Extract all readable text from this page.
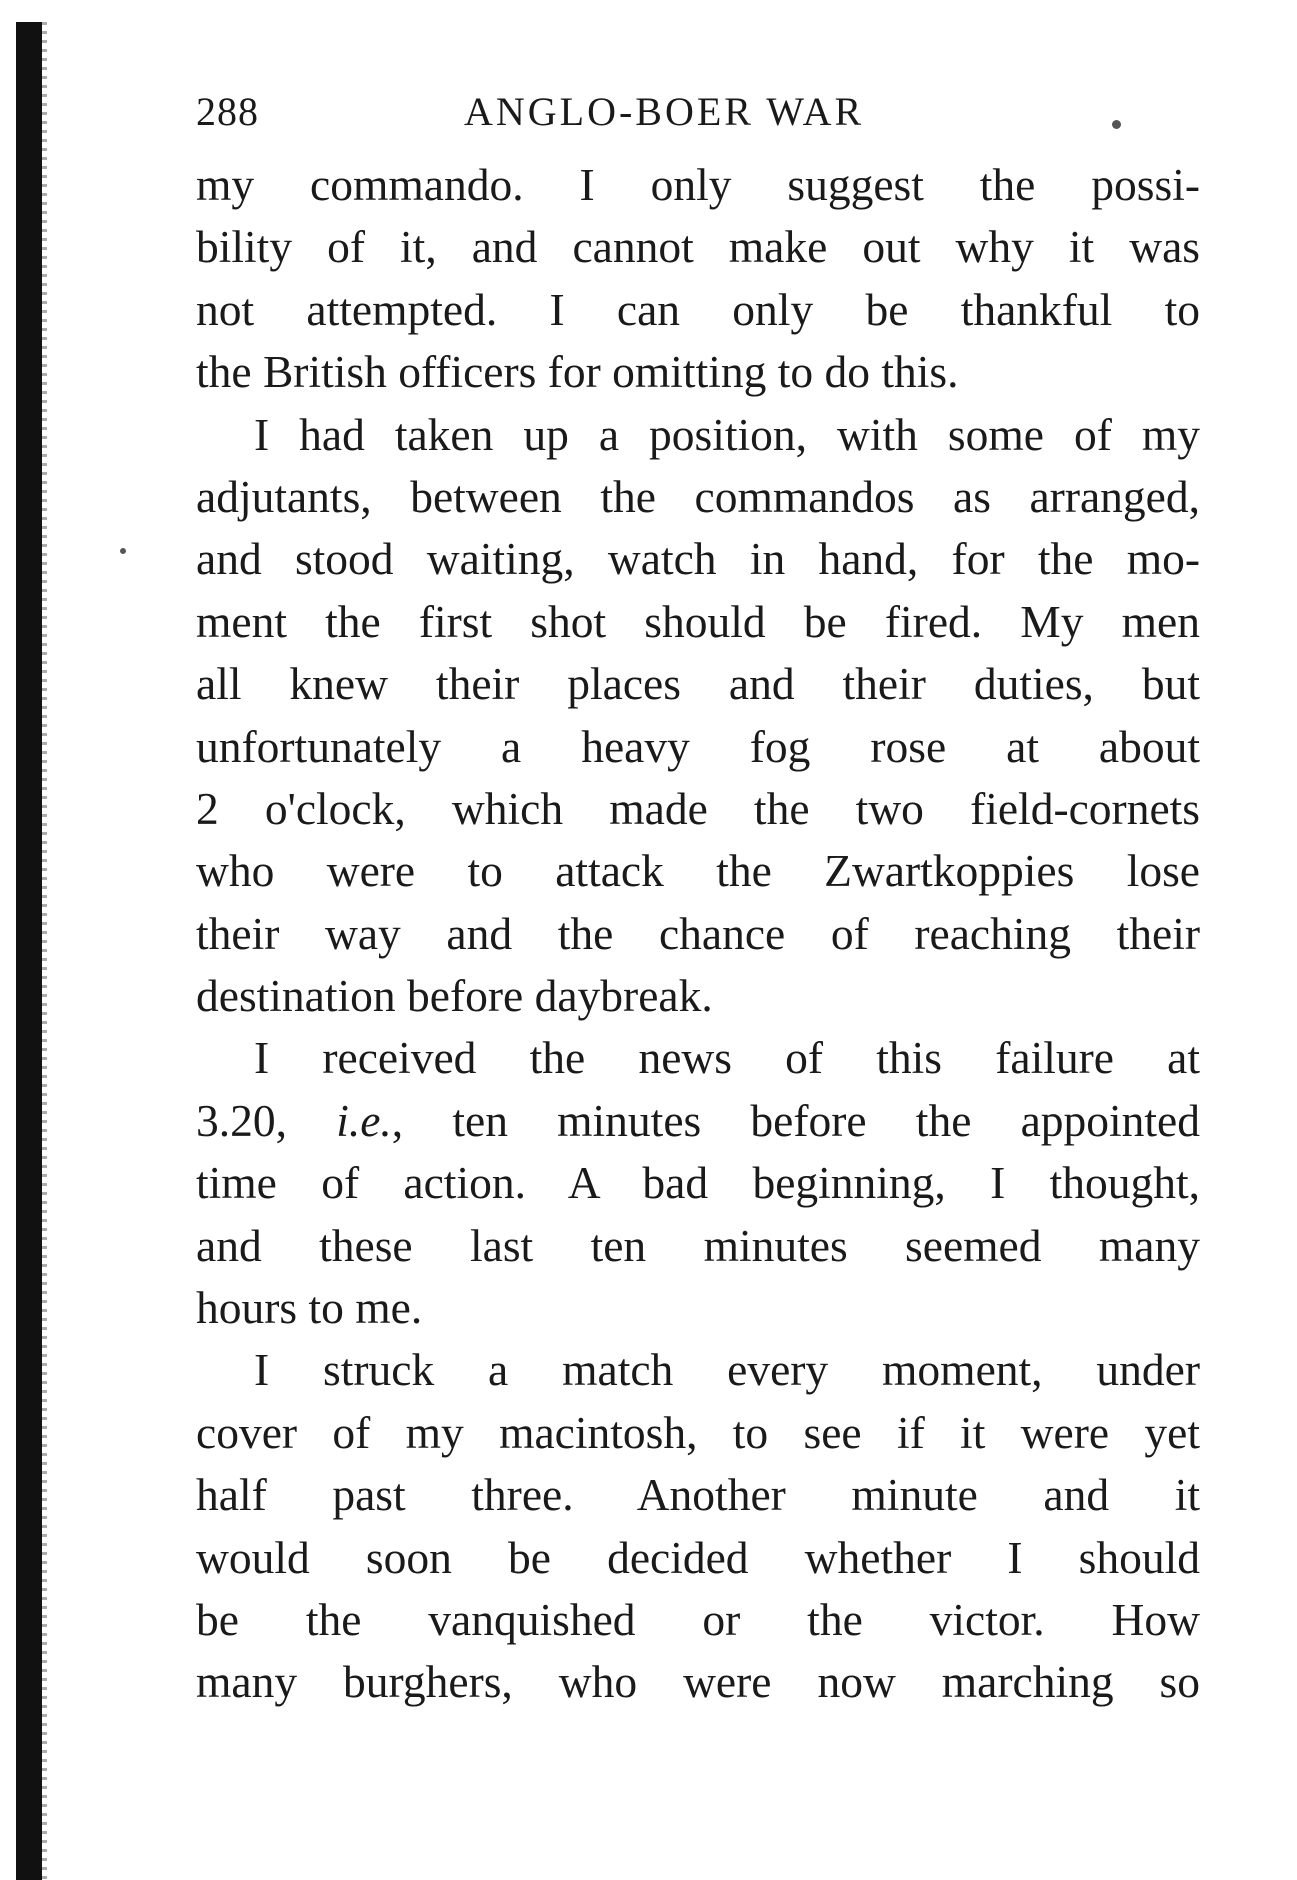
288	ANGLO-BOER WAR
my commando. I only suggest the possi-
bility of it, and cannot make out why it was
not attempted. I can only be thankful to
the British officers for omitting to do this.
I had taken up a position, with some of my
adjutants, between the commandos as arranged,
and stood waiting, watch in hand, for the mo-
ment the first shot should be fired. My men
all knew their places and their duties, but
unfortunately a heavy fog rose at about
2 o'clock, which made the two field-cornets
who were to attack the Zwartkoppies lose
their way and the chance of reaching their
destination before daybreak.
I received the news of this failure at
3.20, i.e., ten minutes before the appointed
time of action. A bad beginning, I thought,
and these last ten minutes seemed many
hours to me.
I struck a match every moment, under
cover of my macintosh, to see if it were yet
half past three. Another minute and it
would soon be decided whether I should
be the vanquished or the victor. How
many burghers, who were now marching so
